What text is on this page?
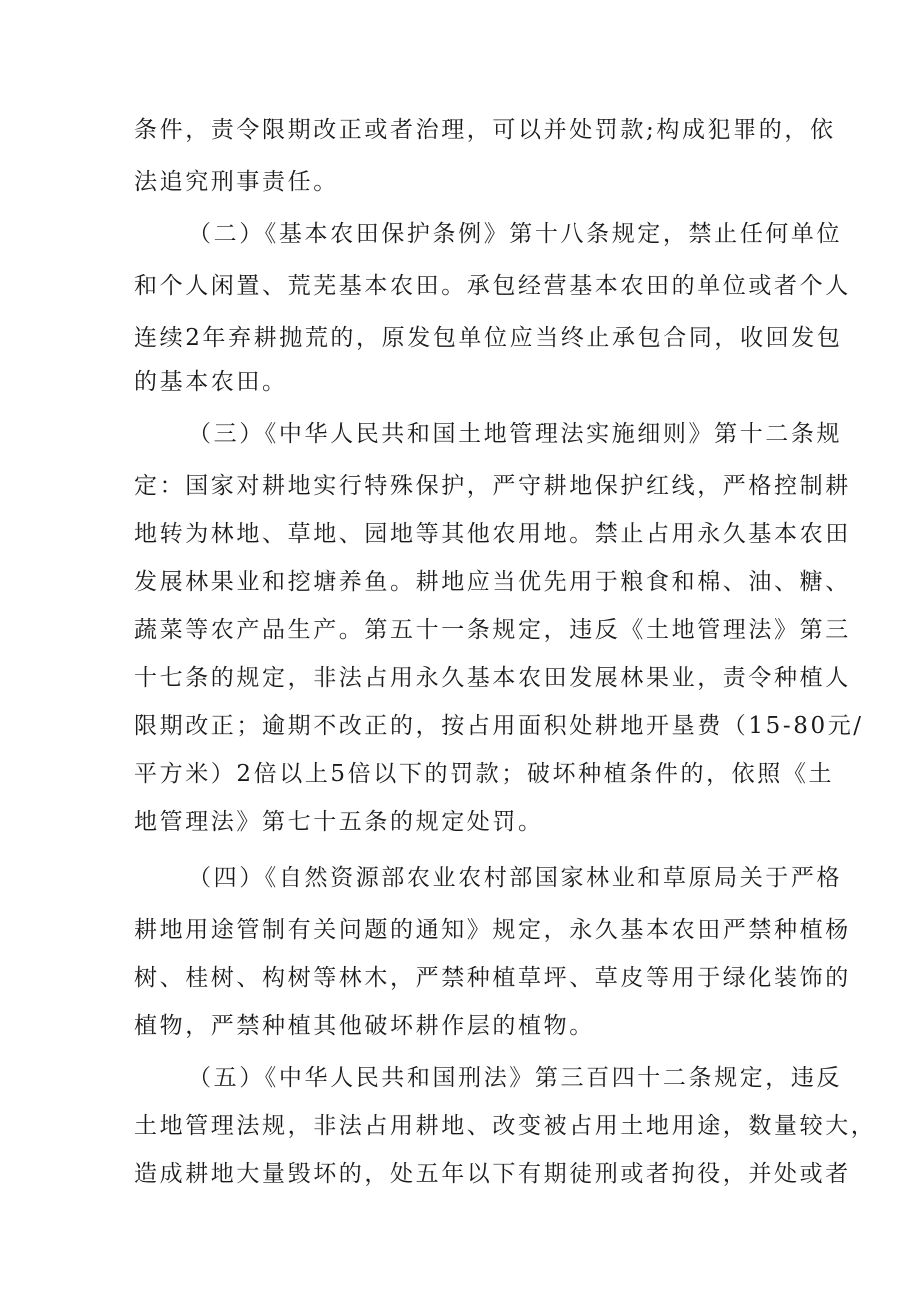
条件，责令限期改正或者治理，可以并处罚款;构成犯罪的，依
法追究刑事责任。
（二）《基本农田保护条例》第十八条规定，禁止任何单位
和个人闲置、荒芜基本农田。承包经营基本农田的单位或者个人
连续2年弃耕抛荒的，原发包单位应当终止承包合同，收回发包
的基本农田。
（三）《中华人民共和国土地管理法实施细则》第十二条规
定：国家对耕地实行特殊保护，严守耕地保护红线，严格控制耕
地转为林地、草地、园地等其他农用地。禁止占用永久基本农田
发展林果业和挖塘养鱼。耕地应当优先用于粮食和棉、油、糖、
蔬菜等农产品生产。第五十一条规定，违反《土地管理法》第三
十七条的规定，非法占用永久基本农田发展林果业，责令种植人
限期改正；逾期不改正的，按占用面积处耕地开垦费（15-80元/
平方米）2倍以上5倍以下的罚款；破坏种植条件的，依照《土
地管理法》第七十五条的规定处罚。
（四）《自然资源部农业农村部国家林业和草原局关于严格
耕地用途管制有关问题的通知》规定，永久基本农田严禁种植杨
树、桂树、构树等林木，严禁种植草坪、草皮等用于绿化装饰的
植物，严禁种植其他破坏耕作层的植物。
（五）《中华人民共和国刑法》第三百四十二条规定，违反
土地管理法规，非法占用耕地、改变被占用土地用途，数量较大，
造成耕地大量毁坏的，处五年以下有期徒刑或者拘役，并处或者
